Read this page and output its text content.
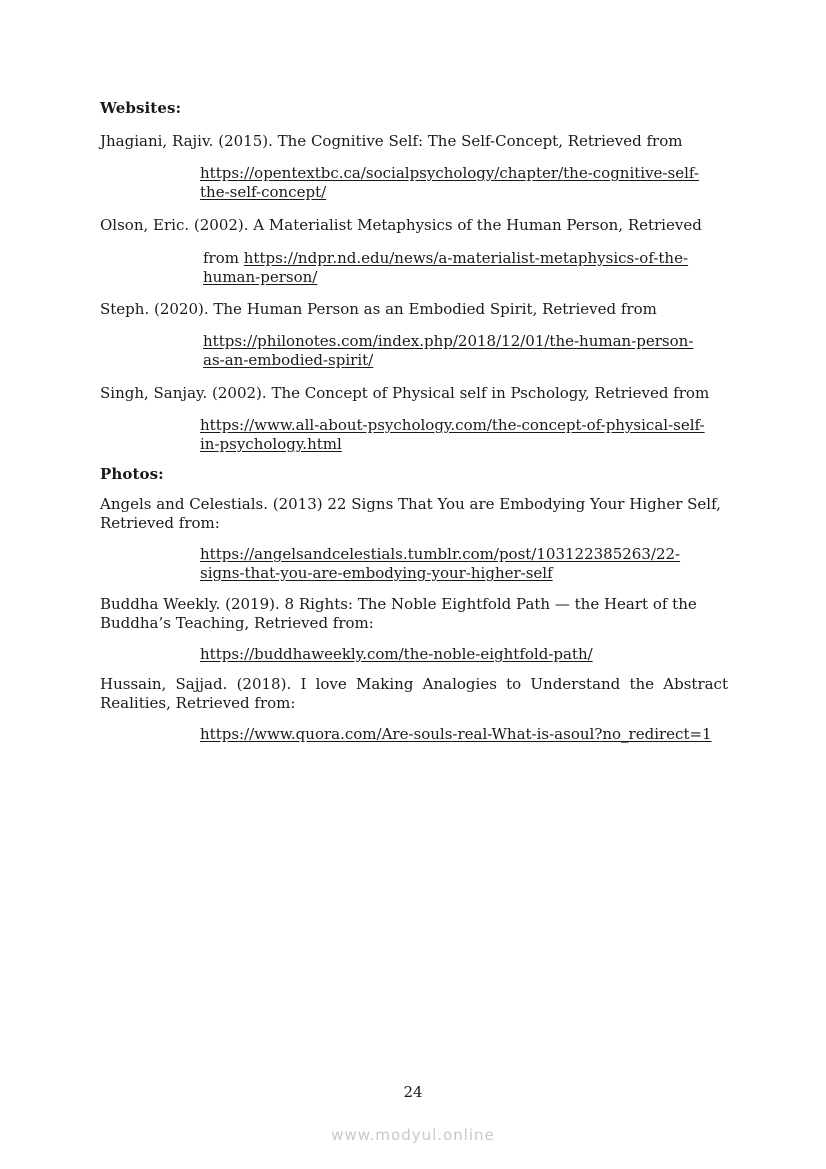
Websites:
Jhagiani, Rajiv. (2015). The Cognitive Self: The Self-Concept, Retrieved from
https://opentextbc.ca/socialpsychology/chapter/the-cognitive-self-
the-self-concept/
Olson, Eric. (2002). A Materialist Metaphysics of the Human Person, Retrieved
from https://ndpr.nd.edu/news/a-materialist-metaphysics-of-the-
human-person/
Steph. (2020). The Human Person as an Embodied Spirit, Retrieved from
https://philonotes.com/index.php/2018/12/01/the-human-person-
as-an-embodied-spirit/
Singh, Sanjay. (2002). The Concept of Physical self in Pschology, Retrieved from
https://www.all-about-psychology.com/the-concept-of-physical-self-
in-psychology.html
Photos:
Angels and Celestials. (2013) 22 Signs That You are Embodying Your Higher Self,
Retrieved from:
https://angelsandcelestials.tumblr.com/post/103122385263/22-
signs-that-you-are-embodying-your-higher-self
Buddha Weekly. (2019). 8 Rights: The Noble Eightfold Path — the Heart of the
Buddha’s Teaching, Retrieved from:
https://buddhaweekly.com/the-noble-eightfold-path/
Hussain, Sajjad. (2018). I love Making Analogies to Understand the Abstract
Realities, Retrieved from:
https://www.quora.com/Are-souls-real-What-is-asoul?no_redirect=1
24
www.modyul.online
